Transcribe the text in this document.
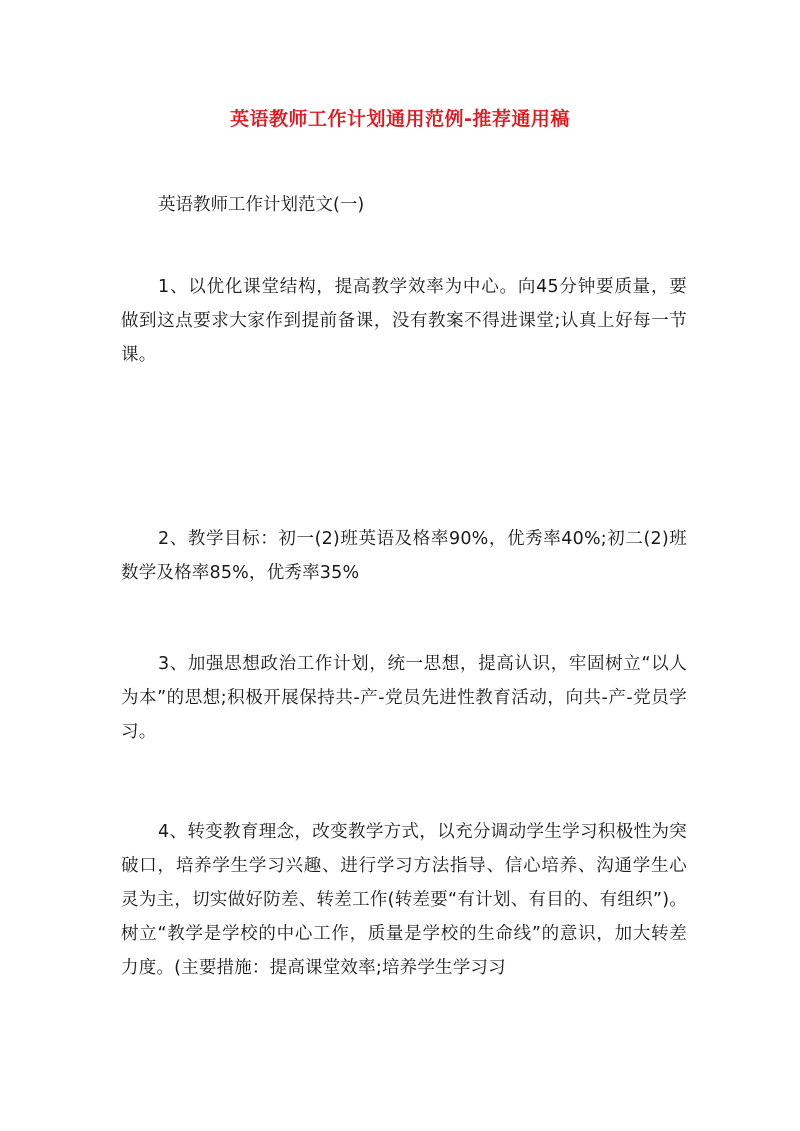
英语教师工作计划通用范例-推荐通用稿
英语教师工作计划范文(一)

1、以优化课堂结构，提高教学效率为中心。向45分钟要质量，要做到这点要求大家作到提前备课，没有教案不得进课堂;认真上好每一节课。

2、教学目标：初一(2)班英语及格率90%，优秀率40%;初二(2)班数学及格率85%，优秀率35%

3、加强思想政治工作计划，统一思想，提高认识，牢固树立“以人为本”的思想;积极开展保持共-产-党员先进性教育活动，向共-产-党员学习。

4、转变教育理念，改变教学方式，以充分调动学生学习积极性为突破口，培养学生学习兴趣、进行学习方法指导、信心培养、沟通学生心灵为主，切实做好防差、转差工作(转差要“有计划、有目的、有组织”)。树立“教学是学校的中心工作，质量是学校的生命线”的意识，加大转差力度。(主要措施：提高课堂效率;培养学生学习习
